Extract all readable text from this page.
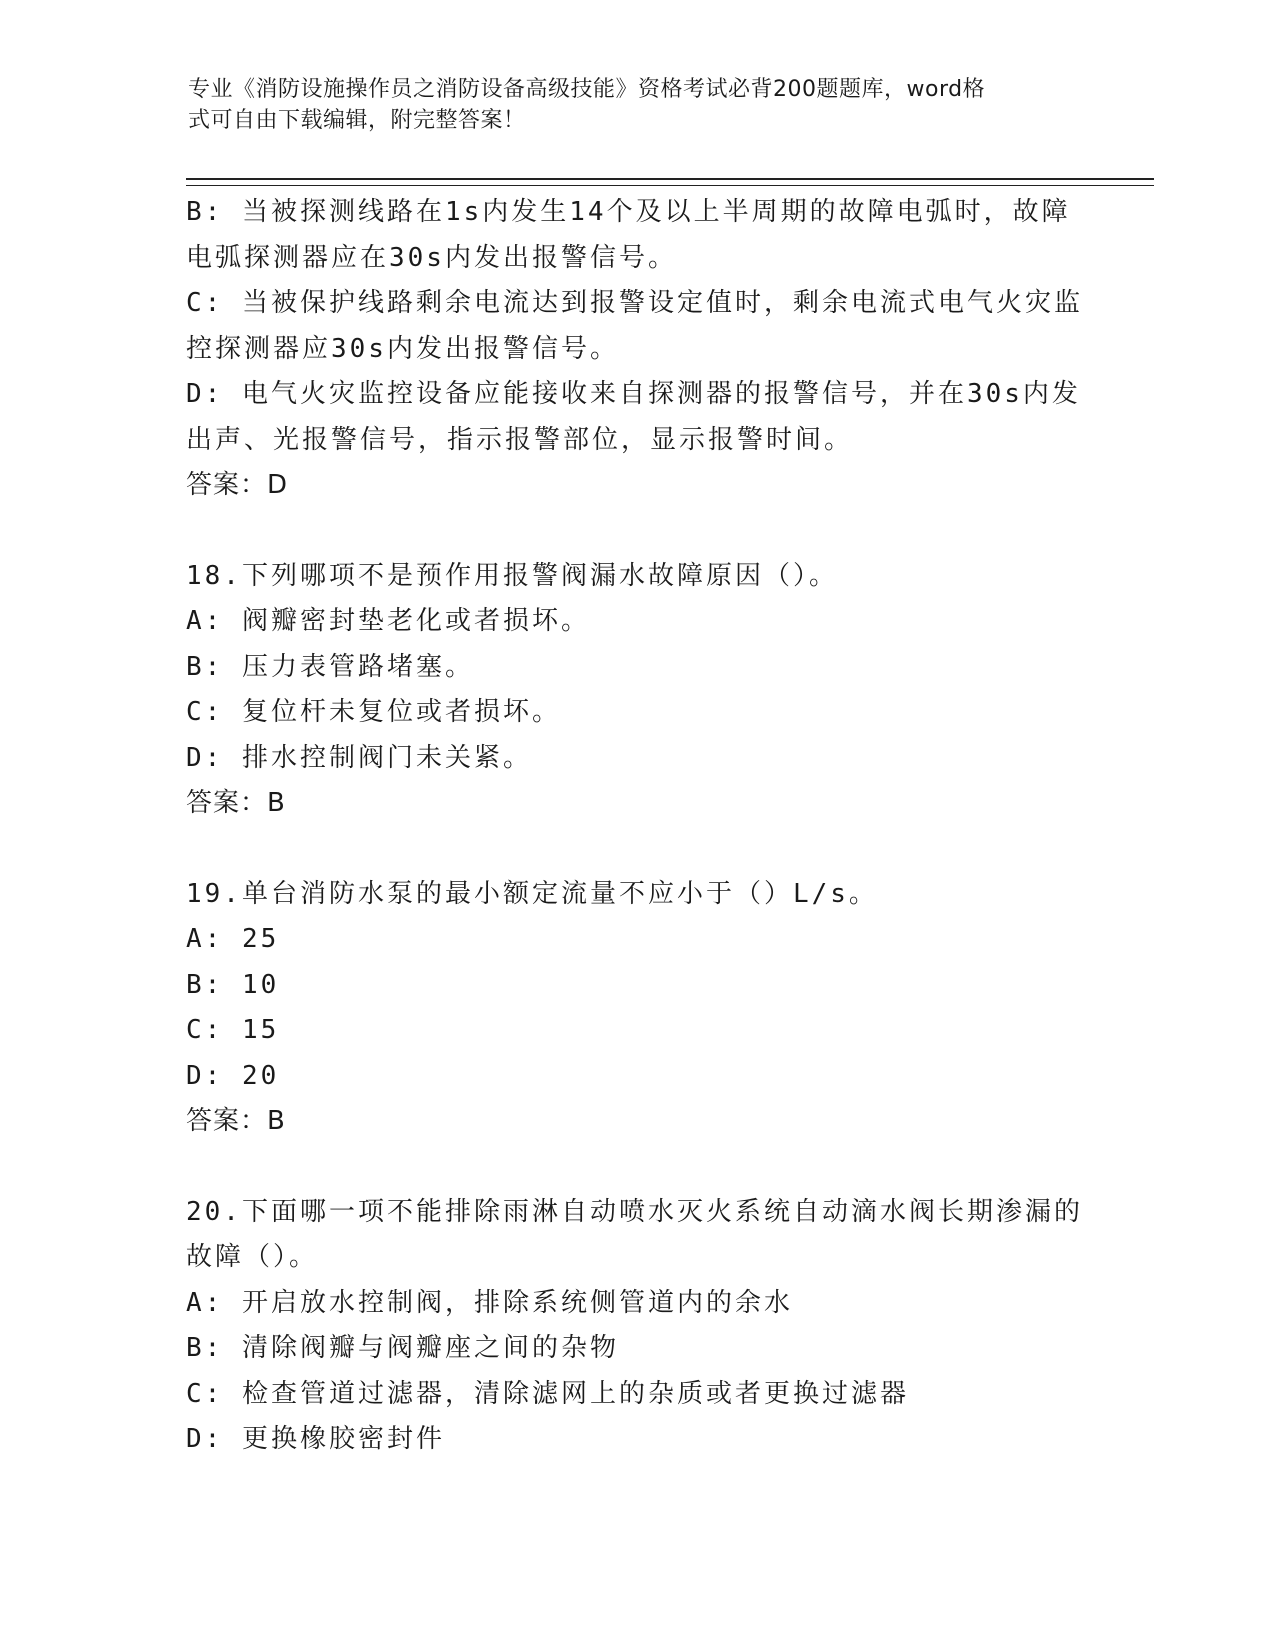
专业《消防设施操作员之消防设备高级技能》资格考试必背200题题库，word格
式可自由下载编辑，附完整答案！
B: 当被探测线路在1s内发生14个及以上半周期的故障电弧时，故障
电弧探测器应在30s内发出报警信号。
C: 当被保护线路剩余电流达到报警设定值时，剩余电流式电气火灾监
控探测器应30s内发出报警信号。
D: 电气火灾监控设备应能接收来自探测器的报警信号，并在30s内发
出声、光报警信号，指示报警部位，显示报警时间。
答案：D
18.下列哪项不是预作用报警阀漏水故障原因（）。
A: 阀瓣密封垫老化或者损坏。
B: 压力表管路堵塞。
C: 复位杆未复位或者损坏。
D: 排水控制阀门未关紧。
答案：B
19.单台消防水泵的最小额定流量不应小于（）L/s。
A: 25
B: 10
C: 15
D: 20
答案：B
20.下面哪一项不能排除雨淋自动喷水灭火系统自动滴水阀长期渗漏的
故障（）。
A: 开启放水控制阀，排除系统侧管道内的余水
B: 清除阀瓣与阀瓣座之间的杂物
C: 检查管道过滤器，清除滤网上的杂质或者更换过滤器
D: 更换橡胶密封件
